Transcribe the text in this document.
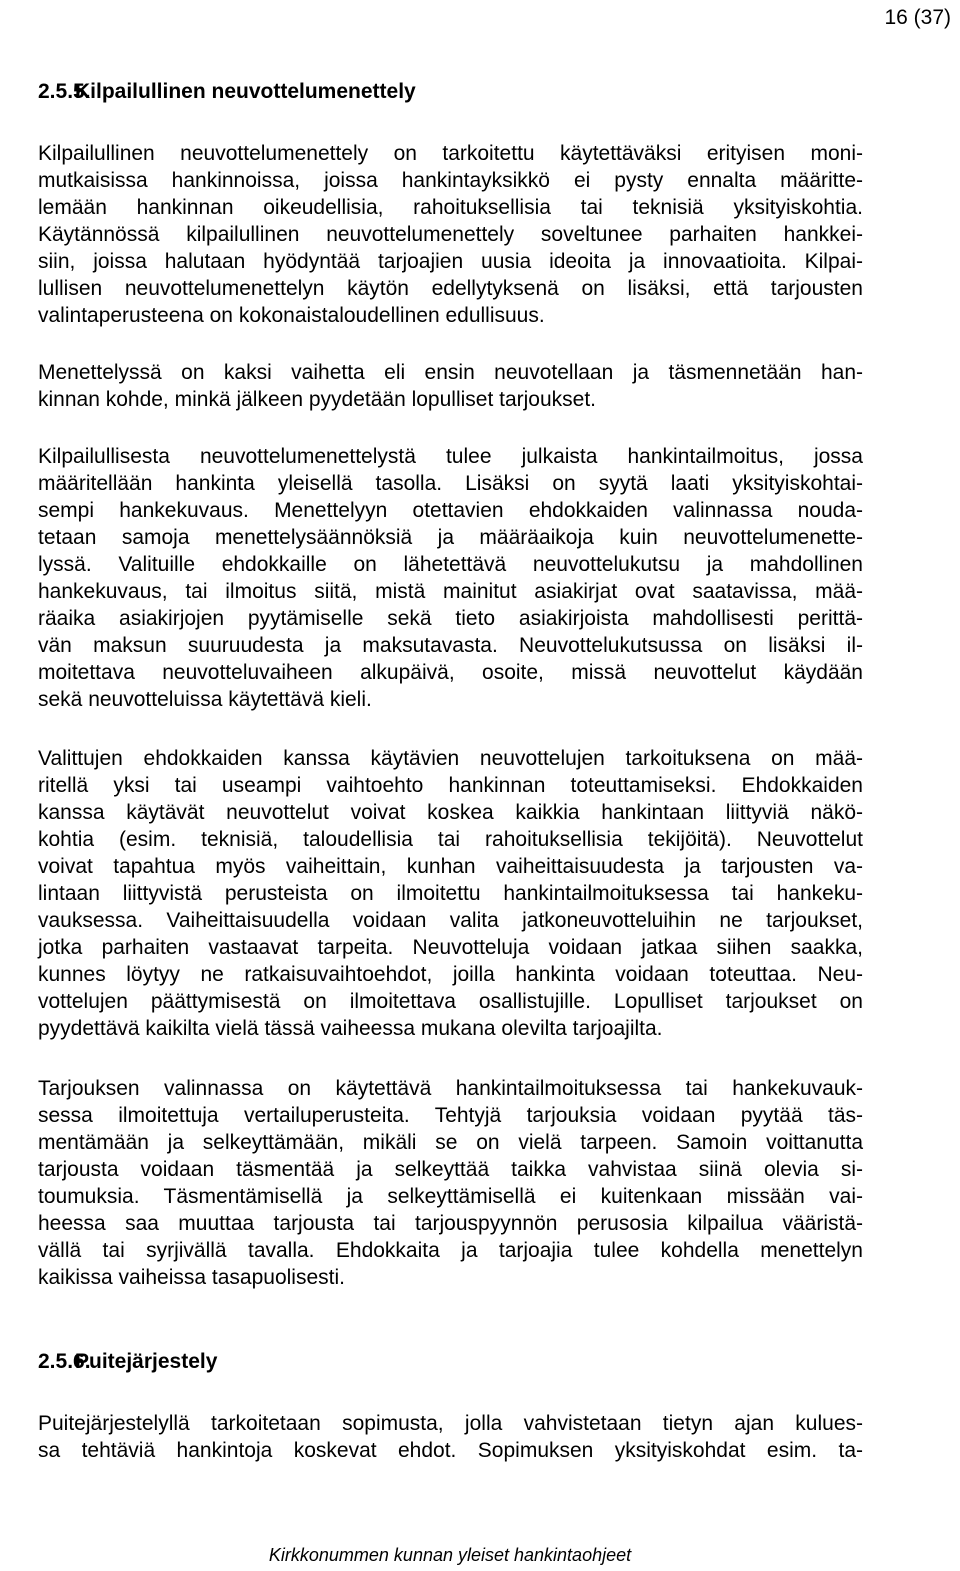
16 (37)
2.5.5.Kilpailullinen neuvottelumenettely

Kilpailullinen neuvottelumenettely on tarkoitettu käytettäväksi erityisen moni-
mutkaisissa hankinnoissa, joissa hankintayksikkö ei pysty ennalta määritte-
lemään hankinnan oikeudellisia, rahoituksellisia tai teknisiä yksityiskohtia.
Käytännössä kilpailullinen neuvottelumenettely soveltunee parhaiten hankkei-
siin, joissa halutaan hyödyntää tarjoajien uusia ideoita ja innovaatioita. Kilpai-
lullisen neuvottelumenettelyn käytön edellytyksenä on lisäksi, että tarjousten
valintaperusteena on kokonaistaloudellinen edullisuus.

Menettelyssä on kaksi vaihetta eli ensin neuvotellaan ja täsmennetään han-
kinnan kohde, minkä jälkeen pyydetään lopulliset tarjoukset.

Kilpailullisesta neuvottelumenettelystä tulee julkaista hankintailmoitus, jossa
määritellään hankinta yleisellä tasolla. Lisäksi on syytä laati yksityiskohtai-
sempi hankekuvaus. Menettelyyn otettavien ehdokkaiden valinnassa nouda-
tetaan samoja menettelysäännöksiä ja määräaikoja kuin neuvottelumenette-
lyssä. Valituille ehdokkaille on lähetettävä neuvottelukutsu ja mahdollinen
hankekuvaus, tai ilmoitus siitä, mistä mainitut asiakirjat ovat saatavissa, mää-
räaika asiakirjojen pyytämiselle sekä tieto asiakirjoista mahdollisesti perittä-
vän maksun suuruudesta ja maksutavasta. Neuvottelukutsussa on lisäksi il-
moitettava neuvotteluvaiheen alkupäivä, osoite, missä neuvottelut käydään
sekä neuvotteluissa käytettävä kieli.

Valittujen ehdokkaiden kanssa käytävien neuvottelujen tarkoituksena on mää-
ritellä yksi tai useampi vaihtoehto hankinnan toteuttamiseksi. Ehdokkaiden
kanssa käytävät neuvottelut voivat koskea kaikkia hankintaan liittyviä näkö-
kohtia (esim. teknisiä, taloudellisia tai rahoituksellisia tekijöitä). Neuvottelut
voivat tapahtua myös vaiheittain, kunhan vaiheittaisuudesta ja tarjousten va-
lintaan liittyvistä perusteista on ilmoitettu hankintailmoituksessa tai hankeku-
vauksessa. Vaiheittaisuudella voidaan valita jatkoneuvotteluihin ne tarjoukset,
jotka parhaiten vastaavat tarpeita. Neuvotteluja voidaan jatkaa siihen saakka,
kunnes löytyy ne ratkaisuvaihtoehdot, joilla hankinta voidaan toteuttaa. Neu-
vottelujen päättymisestä on ilmoitettava osallistujille. Lopulliset tarjoukset on
pyydettävä kaikilta vielä tässä vaiheessa mukana olevilta tarjoajilta.

Tarjouksen valinnassa on käytettävä hankintailmoituksessa tai hankekuvauk-
sessa ilmoitettuja vertailuperusteita. Tehtyjä tarjouksia voidaan pyytää täs-
mentämään ja selkeyttämään, mikäli se on vielä tarpeen. Samoin voittanutta
tarjousta voidaan täsmentää ja selkeyttää taikka vahvistaa siinä olevia si-
toumuksia. Täsmentämisellä ja selkeyttämisellä ei kuitenkaan missään vai-
heessa saa muuttaa tarjousta tai tarjouspyynnön perusosia kilpailua vääristä-
vällä tai syrjivällä tavalla. Ehdokkaita ja tarjoajia tulee kohdella menettelyn
kaikissa vaiheissa tasapuolisesti.

2.5.6.Puitejärjestely

Puitejärjestelyllä tarkoitetaan sopimusta, jolla vahvistetaan tietyn ajan kulues-
sa tehtäviä hankintoja koskevat ehdot. Sopimuksen yksityiskohdat esim. ta-

Kirkkonummen kunnan yleiset hankintaohjeet
